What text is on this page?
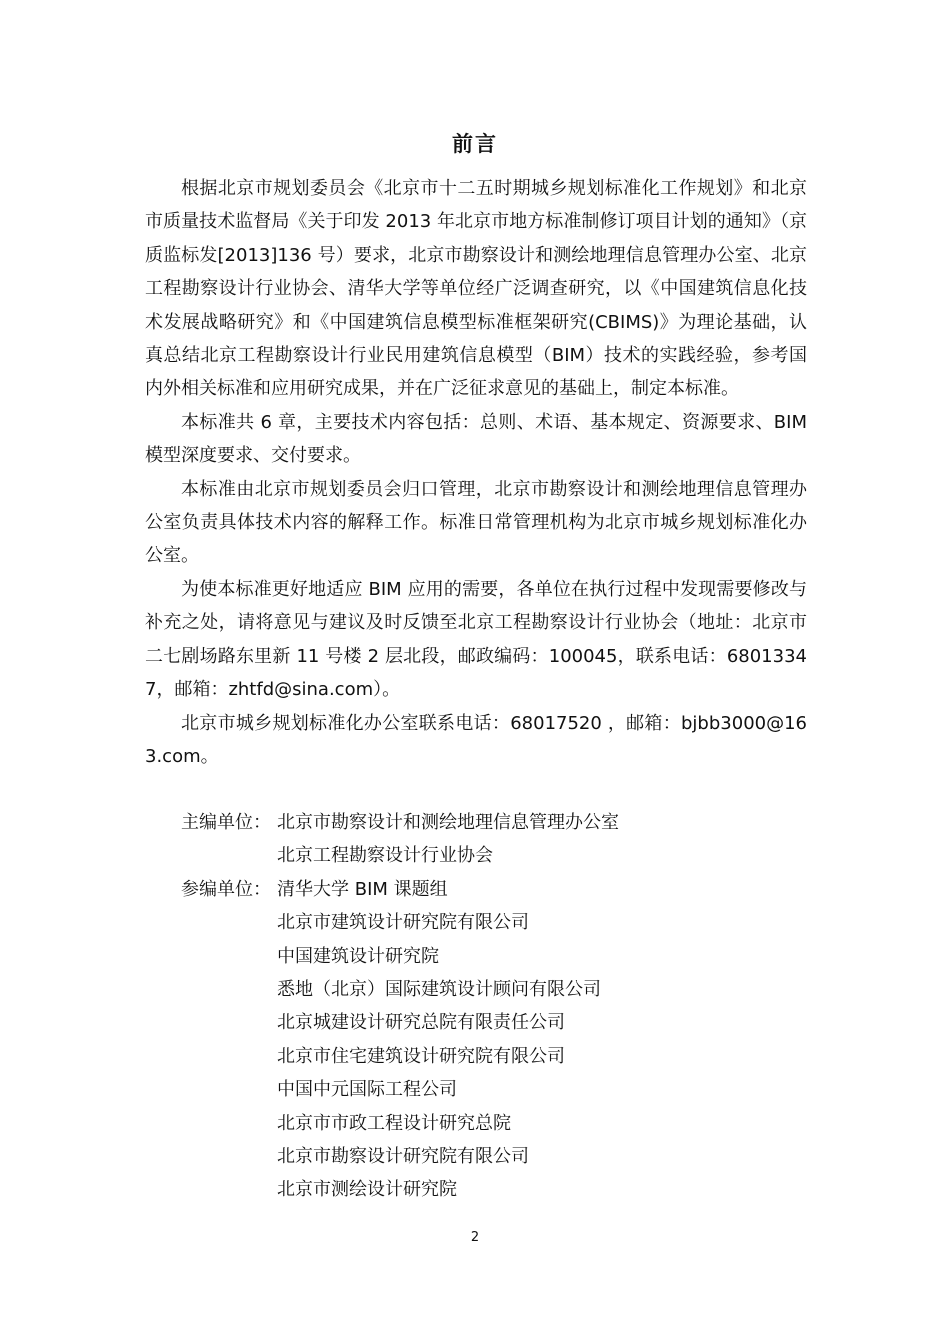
前言

根据北京市规划委员会《北京市十二五时期城乡规划标准化工作规划》和北京市质量技术监督局《关于印发 2013 年北京市地方标准制修订项目计划的通知》（京质监标发[2013]136 号）要求，北京市勘察设计和测绘地理信息管理办公室、北京工程勘察设计行业协会、清华大学等单位经广泛调查研究，以《中国建筑信息化技术发展战略研究》和《中国建筑信息模型标准框架研究(CBIMS)》为理论基础，认真总结北京工程勘察设计行业民用建筑信息模型（BIM）技术的实践经验，参考国内外相关标准和应用研究成果，并在广泛征求意见的基础上，制定本标准。

本标准共 6 章，主要技术内容包括：总则、术语、基本规定、资源要求、BIM 模型深度要求、交付要求。

本标准由北京市规划委员会归口管理，北京市勘察设计和测绘地理信息管理办公室负责具体技术内容的解释工作。标准日常管理机构为北京市城乡规划标准化办公室。

为使本标准更好地适应 BIM 应用的需要，各单位在执行过程中发现需要修改与补充之处，请将意见与建议及时反馈至北京工程勘察设计行业协会（地址：北京市二七剧场路东里新 11 号楼 2 层北段，邮政编码：100045，联系电话：68013347，邮箱：zhtfd@sina.com）。

北京市城乡规划标准化办公室联系电话：68017520 ，邮箱：bjbb3000@163.com。

主编单位： 北京市勘察设计和测绘地理信息管理办公室
北京工程勘察设计行业协会
参编单位： 清华大学 BIM 课题组
北京市建筑设计研究院有限公司
中国建筑设计研究院
悉地（北京）国际建筑设计顾问有限公司
北京城建设计研究总院有限责任公司
北京市住宅建筑设计研究院有限公司
中国中元国际工程公司
北京市市政工程设计研究总院
北京市勘察设计研究院有限公司
北京市测绘设计研究院
2
